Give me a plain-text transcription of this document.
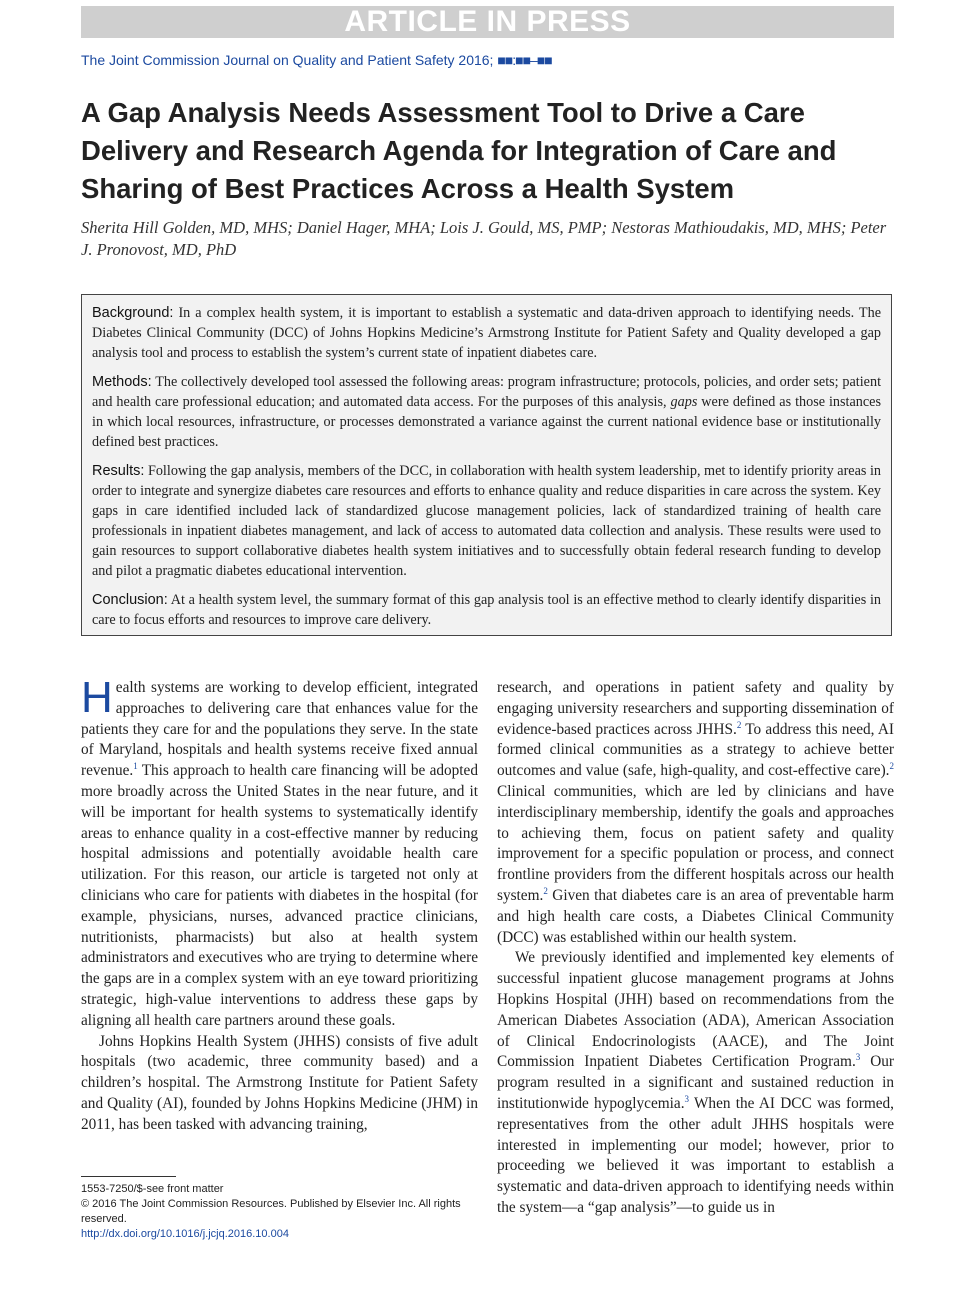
ARTICLE IN PRESS
The Joint Commission Journal on Quality and Patient Safety 2016; ■■:■■–■■
A Gap Analysis Needs Assessment Tool to Drive a Care Delivery and Research Agenda for Integration of Care and Sharing of Best Practices Across a Health System
Sherita Hill Golden, MD, MHS; Daniel Hager, MHA; Lois J. Gould, MS, PMP; Nestoras Mathioudakis, MD, MHS; Peter J. Pronovost, MD, PhD

Background: In a complex health system, it is important to establish a systematic and data-driven approach to identifying needs. The Diabetes Clinical Community (DCC) of Johns Hopkins Medicine’s Armstrong Institute for Patient Safety and Quality developed a gap analysis tool and process to establish the system’s current state of inpatient diabetes care.

Methods: The collectively developed tool assessed the following areas: program infrastructure; protocols, policies, and order sets; patient and health care professional education; and automated data access. For the purposes of this analysis, gaps were defined as those instances in which local resources, infrastructure, or processes demonstrated a variance against the current national evidence base or institutionally defined best practices.

Results: Following the gap analysis, members of the DCC, in collaboration with health system leadership, met to identify priority areas in order to integrate and synergize diabetes care resources and efforts to enhance quality and reduce disparities in care across the system. Key gaps in care identified included lack of standardized glucose management policies, lack of standardized training of health care professionals in inpatient diabetes management, and lack of access to automated data collection and analysis. These results were used to gain resources to support collaborative diabetes health system initiatives and to successfully obtain federal research funding to develop and pilot a pragmatic diabetes educational intervention.

Conclusion: At a health system level, the summary format of this gap analysis tool is an effective method to clearly identify disparities in care to focus efforts and resources to improve care delivery.

Health systems are working to develop efficient, integrated approaches to delivering care that enhances value for the patients they care for and the populations they serve. In the state of Maryland, hospitals and health systems receive fixed annual revenue.$^1$ This approach to health care financing will be adopted more broadly across the United States in the near future, and it will be important for health systems to systematically identify areas to enhance quality in a cost-effective manner by reducing hospital admissions and potentially avoidable health care utilization. For this reason, our article is targeted not only at clinicians who care for patients with diabetes in the hospital (for example, physicians, nurses, advanced practice clinicians, nutritionists, pharmacists) but also at health system administrators and executives who are trying to determine where the gaps are in a complex system with an eye toward prioritizing strategic, high-value interventions to address these gaps by aligning all health care partners around these goals.

Johns Hopkins Health System (JHHS) consists of five adult hospitals (two academic, three community based) and a children’s hospital. The Armstrong Institute for Patient Safety and Quality (AI), founded by Johns Hopkins Medicine (JHM) in 2011, has been tasked with advancing training,

research, and operations in patient safety and quality by engaging university researchers and supporting dissemination of evidence-based practices across JHHS.$^2$ To address this need, AI formed clinical communities as a strategy to achieve better outcomes and value (safe, high-quality, and cost-effective care).$^2$ Clinical communities, which are led by clinicians and have interdisciplinary membership, identify the goals and approaches to achieving them, focus on patient safety and quality improvement for a specific population or process, and connect frontline providers from the different hospitals across our health system.$^2$ Given that diabetes care is an area of preventable harm and high health care costs, a Diabetes Clinical Community (DCC) was established within our health system.

We previously identified and implemented key elements of successful inpatient glucose management programs at Johns Hopkins Hospital (JHH) based on recommendations from the American Diabetes Association (ADA), American Association of Clinical Endocrinologists (AACE), and The Joint Commission Inpatient Diabetes Certification Program.$^3$ Our program resulted in a significant and sustained reduction in institutionwide hypoglycemia.$^3$ When the AI DCC was formed, representatives from the other adult JHHS hospitals were interested in implementing our model; however, prior to proceeding we believed it was important to establish a systematic and data-driven approach to identifying needs within the system—a “gap analysis”—to guide us in

1553-7250/$-see front matter
© 2016 The Joint Commission Resources. Published by Elsevier Inc. All rights reserved.
http://dx.doi.org/10.1016/j.jcjq.2016.10.004
